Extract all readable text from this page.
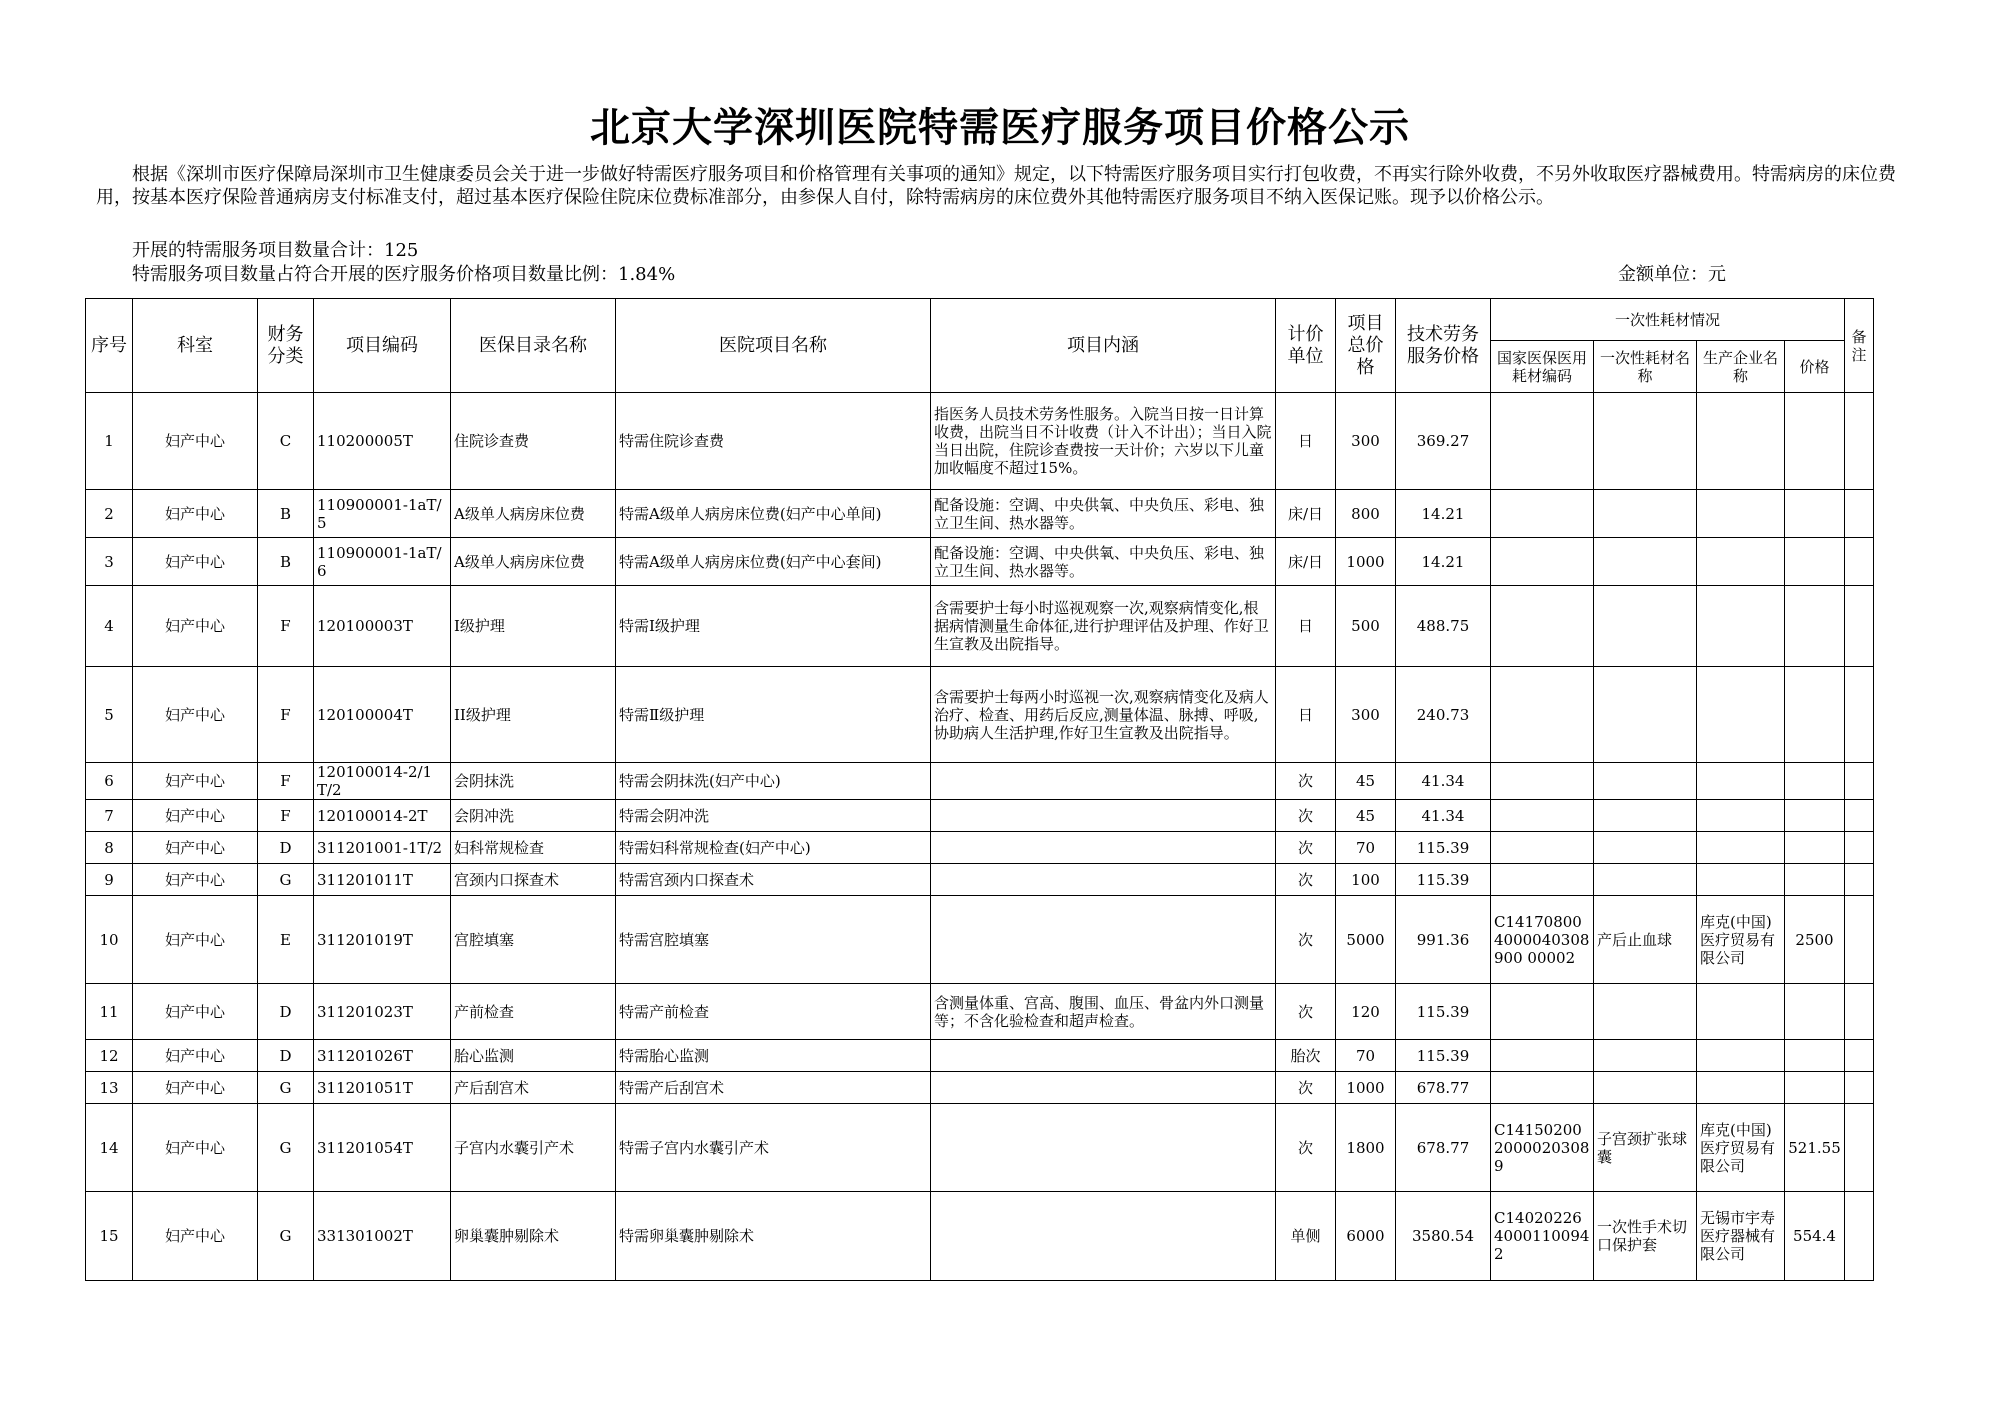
北京大学深圳医院特需医疗服务项目价格公示
根据《深圳市医疗保障局深圳市卫生健康委员会关于进一步做好特需医疗服务项目和价格管理有关事项的通知》规定，以下特需医疗服务项目实行打包收费，不再实行除外收费，不另外收取医疗器械费用。特需病房的床位费用，按基本医疗保险普通病房支付标准支付，超过基本医疗保险住院床位费标准部分，由参保人自付，除特需病房的床位费外其他特需医疗服务项目不纳入医保记账。现予以价格公示。
开展的特需服务项目数量合计：125
特需服务项目数量占符合开展的医疗服务价格项目数量比例：1.84%	金额单位：元
序号	科室	财务分类	项目编码	医保目录名称	医院项目名称	项目内涵	计价单位	项目总价格	技术劳务服务价格	一次性耗材情况				备注
										国家医保医用耗材编码	一次性耗材名称	生产企业名称	价格	
1	妇产中心	C	110200005T	住院诊查费	特需住院诊查费	指医务人员技术劳务性服务。入院当日按一日计算收费，出院当日不计收费（计入不计出）；当日入院当日出院，住院诊查费按一天计价；六岁以下儿童加收幅度不超过15%。	日	300	369.27					
2	妇产中心	B	110900001-1aT/5	A级单人病房床位费	特需A级单人病房床位费(妇产中心单间)	配备设施：空调、中央供氧、中央负压、彩电、独立卫生间、热水器等。	床/日	800	14.21					
3	妇产中心	B	110900001-1aT/6	A级单人病房床位费	特需A级单人病房床位费(妇产中心套间)	配备设施：空调、中央供氧、中央负压、彩电、独立卫生间、热水器等。	床/日	1000	14.21					
4	妇产中心	F	120100003T	Ⅰ级护理	特需Ⅰ级护理	含需要护士每小时巡视观察一次,观察病情变化,根据病情测量生命体征,进行护理评估及护理、作好卫生宣教及出院指导。	日	500	488.75					
5	妇产中心	F	120100004T	II级护理	特需Ⅱ级护理	含需要护士每两小时巡视一次,观察病情变化及病人治疗、检查、用药后反应,测量体温、脉搏、呼吸,协助病人生活护理,作好卫生宣教及出院指导。	日	300	240.73					
6	妇产中心	F	120100014-2/1T/2	会阴抹洗	特需会阴抹洗(妇产中心)		次	45	41.34					
7	妇产中心	F	120100014-2T	会阴冲洗	特需会阴冲洗		次	45	41.34					
8	妇产中心	D	311201001-1T/2	妇科常规检查	特需妇科常规检查(妇产中心)		次	70	115.39					
9	妇产中心	G	311201011T	宫颈内口探查术	特需宫颈内口探查术		次	100	115.39					
10	妇产中心	E	311201019T	宫腔填塞	特需宫腔填塞		次	5000	991.36	C141708004000040308900 00002	产后止血球	库克(中国)医疗贸易有限公司	2500	
11	妇产中心	D	311201023T	产前检查	特需产前检查	含测量体重、宫高、腹围、血压、骨盆内外口测量等；不含化验检查和超声检查。	次	120	115.39					
12	妇产中心	D	311201026T	胎心监测	特需胎心监测		胎次	70	115.39					
13	妇产中心	G	311201051T	产后刮宫术	特需产后刮宫术		次	1000	678.77					
14	妇产中心	G	311201054T	子宫内水囊引产术	特需子宫内水囊引产术		次	1800	678.77	C1415020020000203089	子宫颈扩张球囊	库克(中国)医疗贸易有限公司	521.55	
15	妇产中心	G	331301002T	卵巢囊肿剔除术	特需卵巢囊肿剔除术		单侧	6000	3580.54	C1402022640001100942	一次性手术切口保护套	无锡市宇寿医疗器械有限公司	554.4	
